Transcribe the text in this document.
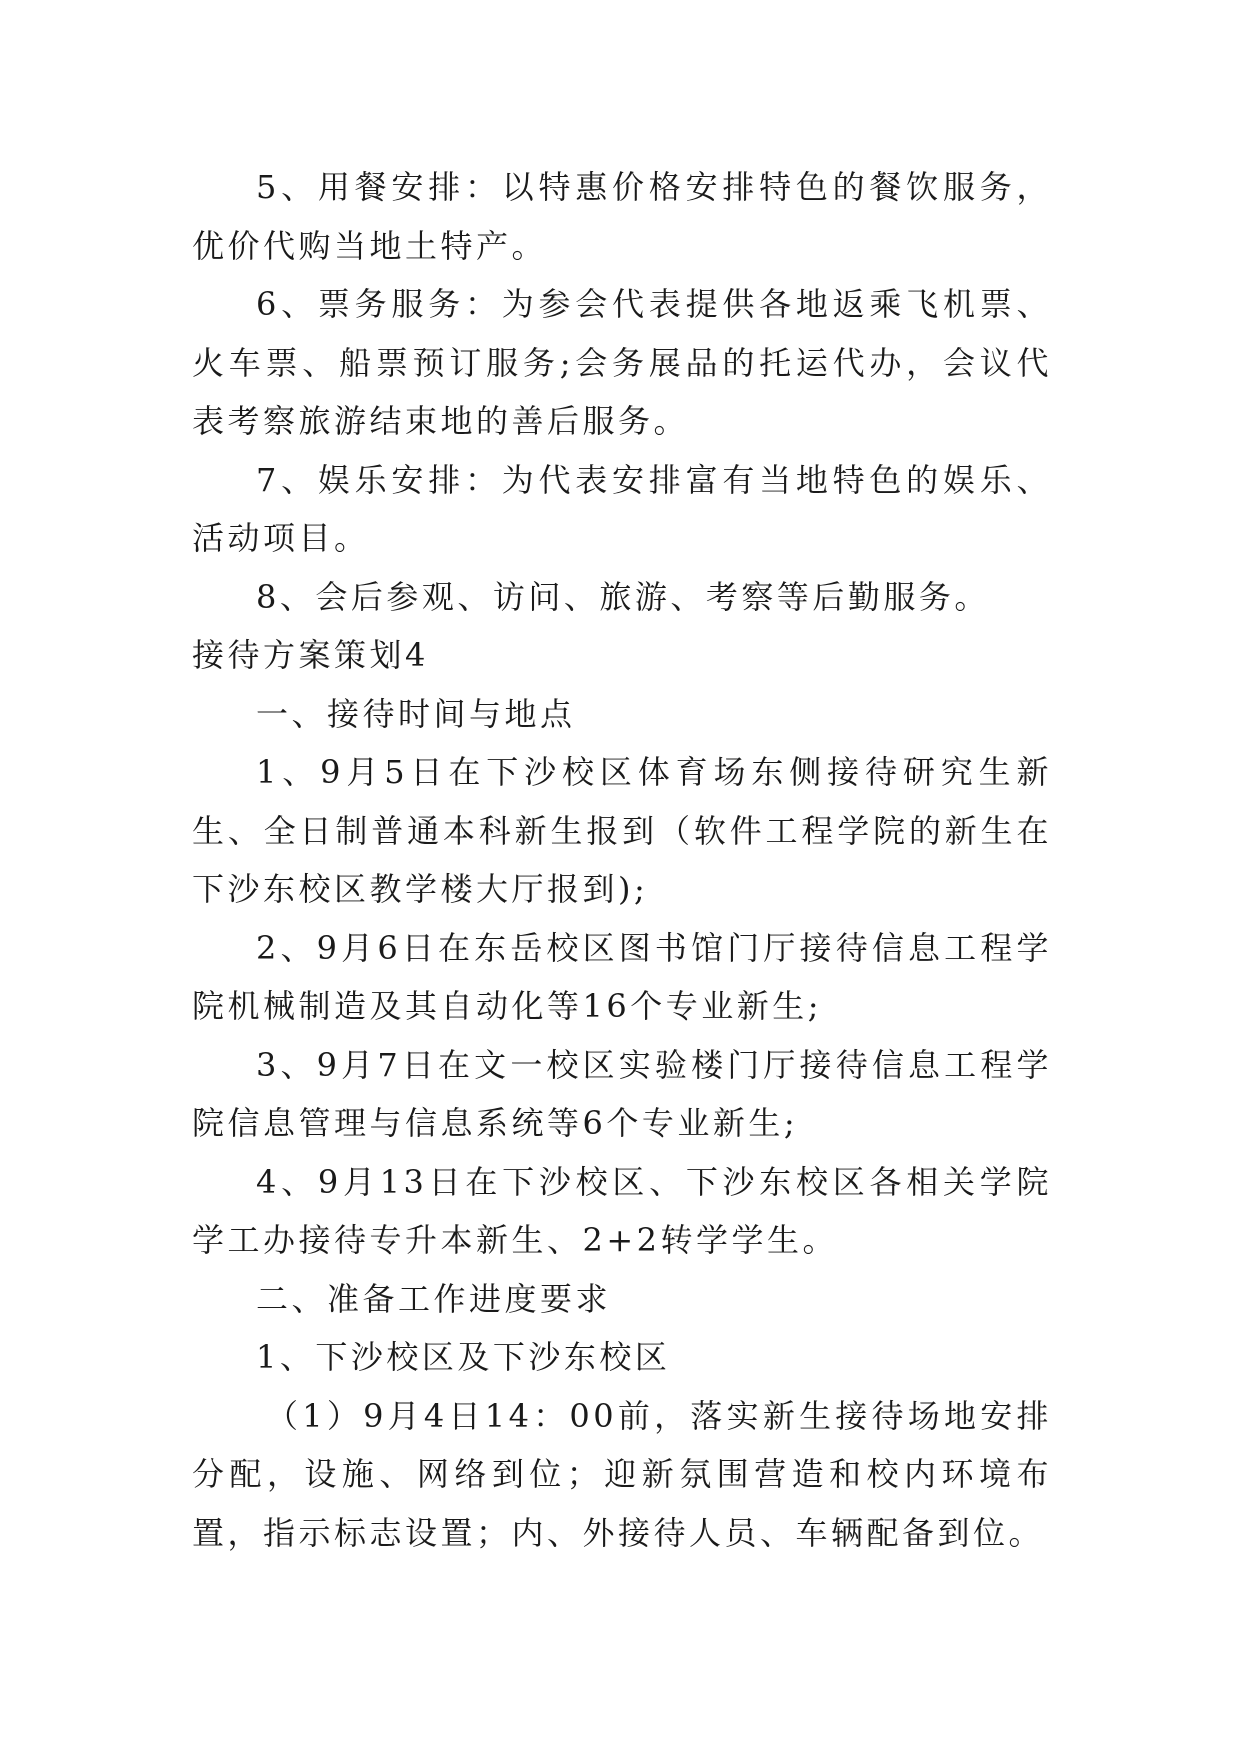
5、用餐安排：以特惠价格安排特色的餐饮服务，优价代购当地土特产。

6、票务服务：为参会代表提供各地返乘飞机票、火车票、船票预订服务;会务展品的托运代办，会议代表考察旅游结束地的善后服务。

7、娱乐安排：为代表安排富有当地特色的娱乐、活动项目。

8、会后参观、访问、旅游、考察等后勤服务。

接待方案策划4

一、接待时间与地点

1、9月5日在下沙校区体育场东侧接待研究生新生、全日制普通本科新生报到（软件工程学院的新生在下沙东校区教学楼大厅报到);

2、9月6日在东岳校区图书馆门厅接待信息工程学院机械制造及其自动化等16个专业新生;

3、9月7日在文一校区实验楼门厅接待信息工程学院信息管理与信息系统等6个专业新生;

4、9月13日在下沙校区、下沙东校区各相关学院学工办接待专升本新生、2+2转学学生。

二、准备工作进度要求

1、下沙校区及下沙东校区

（1）9月4日14：00前，落实新生接待场地安排分配，设施、网络到位；迎新氛围营造和校内环境布置，指示标志设置；内、外接待人员、车辆配备到位。
